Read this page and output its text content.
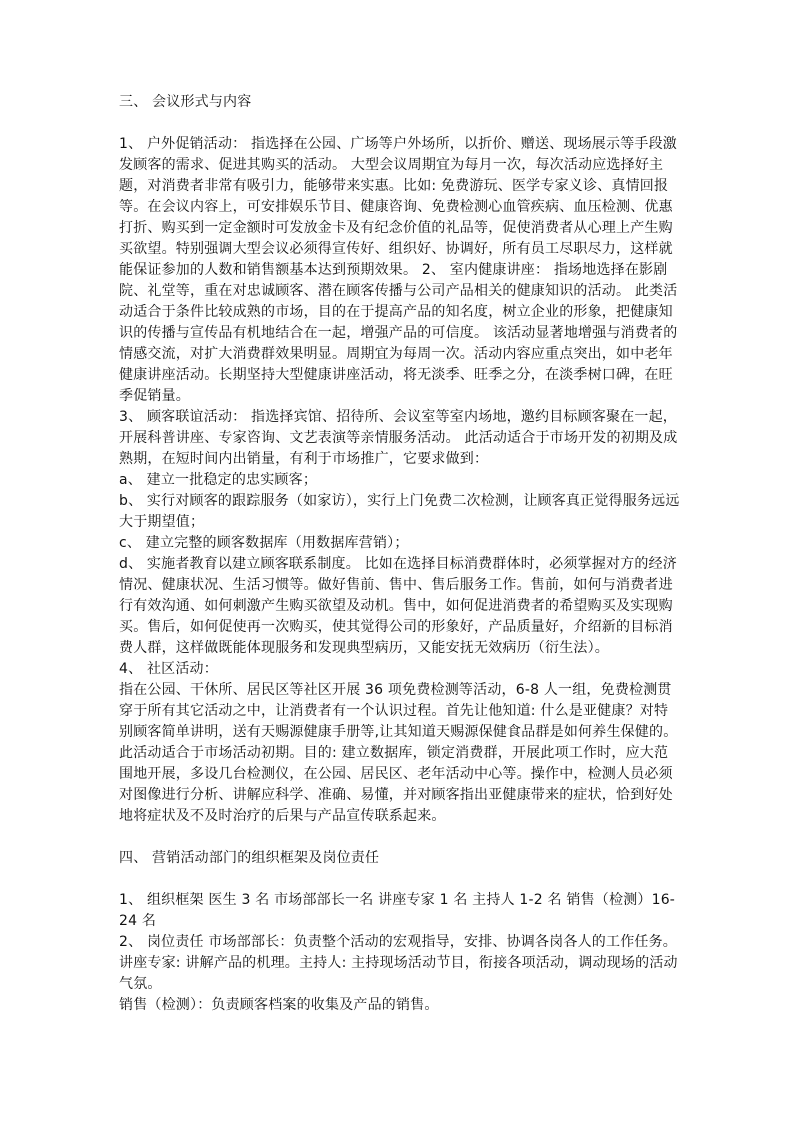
三、 会议形式与内容

1、 户外促销活动： 指选择在公园、广场等户外场所，以折价、赠送、现场展示等手段激发顾客的需求、促进其购买的活动。 大型会议周期宜为每月一次，每次活动应选择好主题，对消费者非常有吸引力，能够带来实惠。比如: 免费游玩、医学专家义诊、真情回报等。在会议内容上，可安排娱乐节目、健康咨询、免费检测心血管疾病、血压检测、优惠打折、购买到一定金额时可发放金卡及有纪念价值的礼品等，促使消费者从心理上产生购买欲望。特别强调大型会议必须得宣传好、组织好、协调好，所有员工尽职尽力，这样就能保证参加的人数和销售额基本达到预期效果。 2、 室内健康讲座： 指场地选择在影剧院、礼堂等，重在对忠诚顾客、潜在顾客传播与公司产品相关的健康知识的活动。 此类活动适合于条件比较成熟的市场，目的在于提高产品的知名度，树立企业的形象，把健康知识的传播与宣传品有机地结合在一起，增强产品的可信度。 该活动显著地增强与消费者的情感交流，对扩大消费群效果明显。周期宜为每周一次。活动内容应重点突出，如中老年健康讲座活动。长期坚持大型健康讲座活动，将无淡季、旺季之分，在淡季树口碑，在旺季促销量。

3、 顾客联谊活动： 指选择宾馆、招待所、会议室等室内场地，邀约目标顾客聚在一起，开展科普讲座、专家咨询、文艺表演等亲情服务活动。 此活动适合于市场开发的初期及成熟期，在短时间内出销量，有利于市场推广，它要求做到：

a、 建立一批稳定的忠实顾客；

b、 实行对顾客的跟踪服务（如家访），实行上门免费二次检测，让顾客真正觉得服务远远大于期望值；

c、 建立完整的顾客数据库（用数据库营销）；

d、 实施者教育以建立顾客联系制度。 比如在选择目标消费群体时，必须掌握对方的经济情况、健康状况、生活习惯等。做好售前、售中、售后服务工作。售前，如何与消费者进行有效沟通、如何刺激产生购买欲望及动机。售中，如何促进消费者的希望购买及实现购买。售后，如何促使再一次购买，使其觉得公司的形象好，产品质量好，介绍新的目标消费人群，这样做既能体现服务和发现典型病历，又能安抚无效病历（衍生法）。

4、 社区活动：

指在公园、干休所、居民区等社区开展 36 项免费检测等活动，6-8 人一组，免费检测贯穿于所有其它活动之中，让消费者有一个认识过程。首先让他知道: 什么是亚健康？对特别顾客简单讲明，送有天赐源健康手册等,让其知道天赐源保健食品群是如何养生保健的。 此活动适合于市场活动初期。目的: 建立数据库，锁定消费群，开展此项工作时，应大范围地开展，多设几台检测仪，在公园、居民区、老年活动中心等。操作中，检测人员必须对图像进行分析、讲解应科学、准确、易懂，并对顾客指出亚健康带来的症状，恰到好处地将症状及不及时治疗的后果与产品宣传联系起来。

四、 营销活动部门的组织框架及岗位责任

1、 组织框架 医生 3 名 市场部部长一名 讲座专家 1 名 主持人 1-2 名 销售（检测）16-24 名

2、 岗位责任 市场部部长：负责整个活动的宏观指导，安排、协调各岗各人的工作任务。讲座专家: 讲解产品的机理。主持人: 主持现场活动节目，衔接各项活动，调动现场的活动气氛。

销售（检测）：负责顾客档案的收集及产品的销售。
